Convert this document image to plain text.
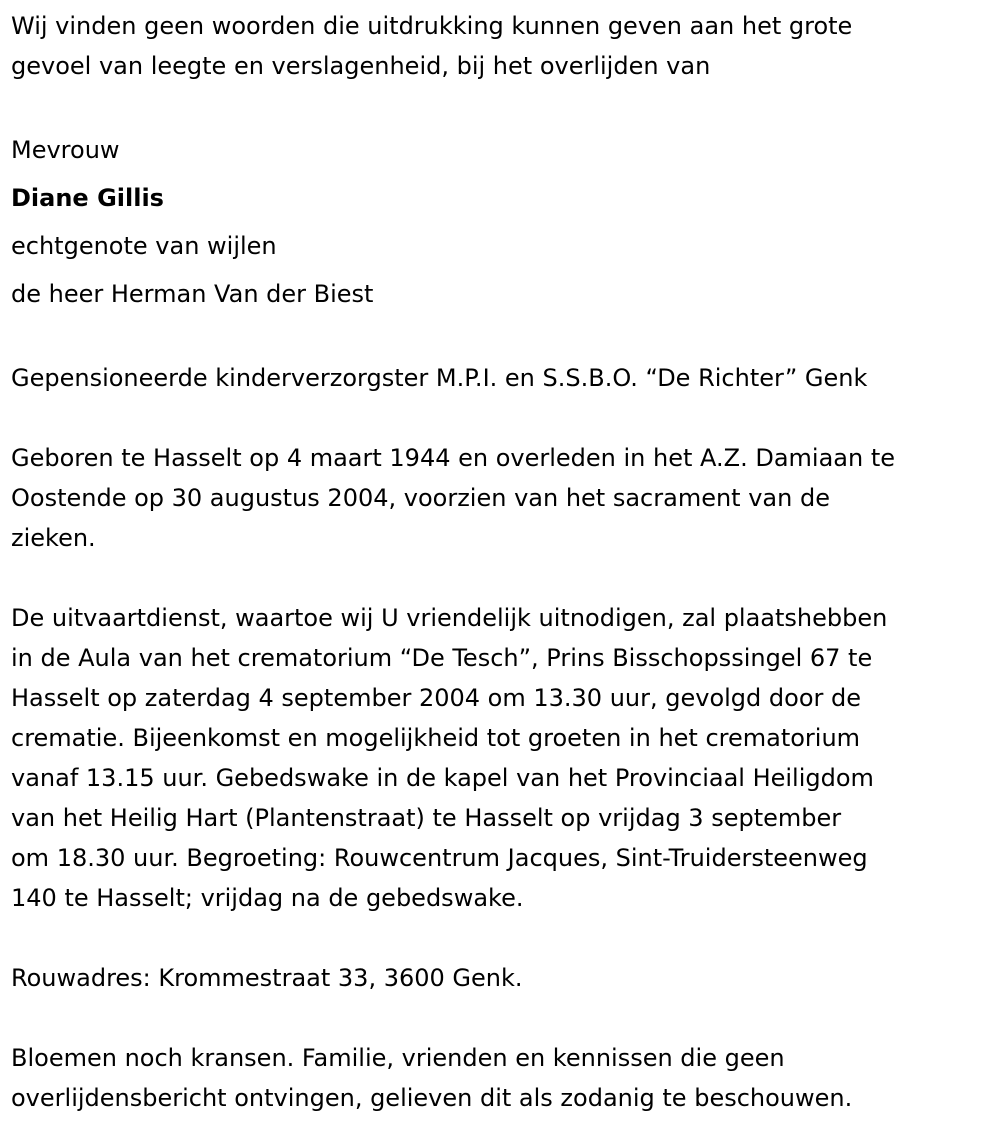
Wij vinden geen woorden die uitdrukking kunnen geven aan het grote
gevoel van leegte en verslagenheid, bij het overlijden van
Mevrouw
Diane Gillis
echtgenote van wijlen
de heer Herman Van der Biest
Gepensioneerde kinderverzorgster M.P.I. en S.S.B.O. “De Richter” Genk
Geboren te Hasselt op 4 maart 1944 en overleden in het A.Z. Damiaan te
Oostende op 30 augustus 2004, voorzien van het sacrament van de
zieken.
De uitvaartdienst, waartoe wij U vriendelijk uitnodigen, zal plaatshebben
in de Aula van het crematorium “De Tesch”, Prins Bisschopssingel 67 te
Hasselt op zaterdag 4 september 2004 om 13.30 uur, gevolgd door de
crematie. Bijeenkomst en mogelijkheid tot groeten in het crematorium
vanaf 13.15 uur. Gebedswake in de kapel van het Provinciaal Heiligdom
van het Heilig Hart (Plantenstraat) te Hasselt op vrijdag 3 september
om 18.30 uur. Begroeting: Rouwcentrum Jacques, Sint-Truidersteenweg
140 te Hasselt; vrijdag na de gebedswake.
Rouwadres: Krommestraat 33, 3600 Genk.
Bloemen noch kransen. Familie, vrienden en kennissen die geen
overlijdensbericht ontvingen, gelieven dit als zodanig te beschouwen.
